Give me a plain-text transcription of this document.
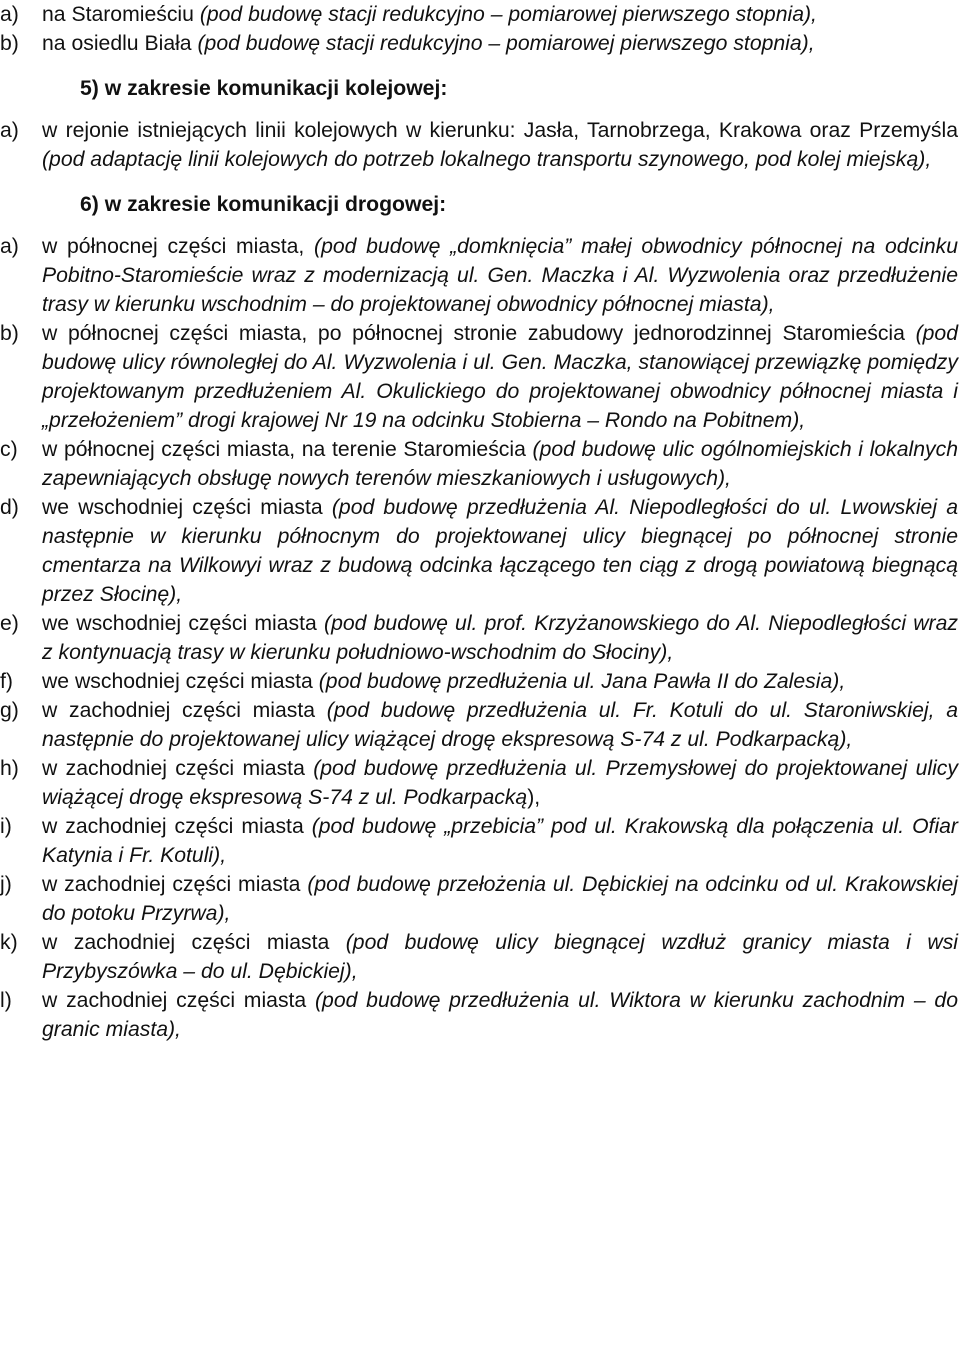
a)	na Staromieściu (pod budowę stacji redukcyjno – pomiarowej pierwszego stopnia),
b)	na osiedlu Biała (pod budowę stacji redukcyjno – pomiarowej pierwszego stopnia),
5) w zakresie komunikacji kolejowej:
a)	w rejonie istniejących linii kolejowych w kierunku: Jasła, Tarnobrzega, Krakowa oraz Przemyśla (pod adaptację linii kolejowych do potrzeb lokalnego transportu szynowego, pod kolej miejską),
6) w zakresie komunikacji drogowej:
a)	w północnej części miasta, (pod budowę „domknięcia” małej obwodnicy północnej na odcinku Pobitno-Staromieście wraz z modernizacją ul. Gen. Maczka i Al. Wyzwolenia oraz przedłużenie trasy w kierunku wschodnim – do projektowanej obwodnicy północnej miasta),
b)	w północnej części miasta, po północnej stronie zabudowy jednorodzinnej Staromieścia (pod budowę ulicy równoległej do Al. Wyzwolenia i ul. Gen. Maczka, stanowiącej przewiązkę pomiędzy projektowanym przedłużeniem Al. Okulickiego do projektowanej obwodnicy północnej miasta i „przełożeniem” drogi krajowej Nr 19 na odcinku Stobierna – Rondo na Pobitnem),
c)	w północnej części miasta, na terenie Staromieścia (pod budowę ulic ogólnomiejskich i lokalnych zapewniających obsługę nowych terenów mieszkaniowych i usługowych),
d)	we wschodniej części miasta (pod budowę przedłużenia Al. Niepodległości do ul. Lwowskiej a następnie w kierunku północnym do projektowanej ulicy biegnącej po północnej stronie cmentarza na Wilkowyi wraz z budową odcinka łączącego ten ciąg z drogą powiatową biegnącą przez Słocinę),
e)	we wschodniej części miasta (pod budowę ul. prof. Krzyżanowskiego do Al. Niepodległości wraz z kontynuacją trasy w kierunku południowo-wschodnim do Słociny),
f)	we wschodniej części miasta (pod budowę przedłużenia ul. Jana Pawła II do Zalesia),
g)	w zachodniej części miasta (pod budowę przedłużenia ul. Fr. Kotuli do ul. Staroniwskiej, a następnie do projektowanej ulicy wiążącej drogę ekspresową S-74 z ul. Podkarpacką),
h)	w zachodniej części miasta (pod budowę przedłużenia ul. Przemysłowej do projektowanej ulicy wiążącej drogę ekspresową S-74 z ul. Podkarpacką),
i)	w zachodniej części miasta (pod budowę „przebicia” pod ul. Krakowską dla połączenia ul. Ofiar Katynia i Fr. Kotuli),
j)	w zachodniej części miasta (pod budowę przełożenia ul. Dębickiej na odcinku od ul. Krakowskiej do potoku Przyrwa),
k)	w zachodniej części miasta (pod budowę ulicy biegnącej wzdłuż granicy miasta i wsi Przybyszówka – do ul. Dębickiej),
l)	w zachodniej części miasta (pod budowę przedłużenia ul. Wiktora w kierunku zachodnim – do granic miasta),
